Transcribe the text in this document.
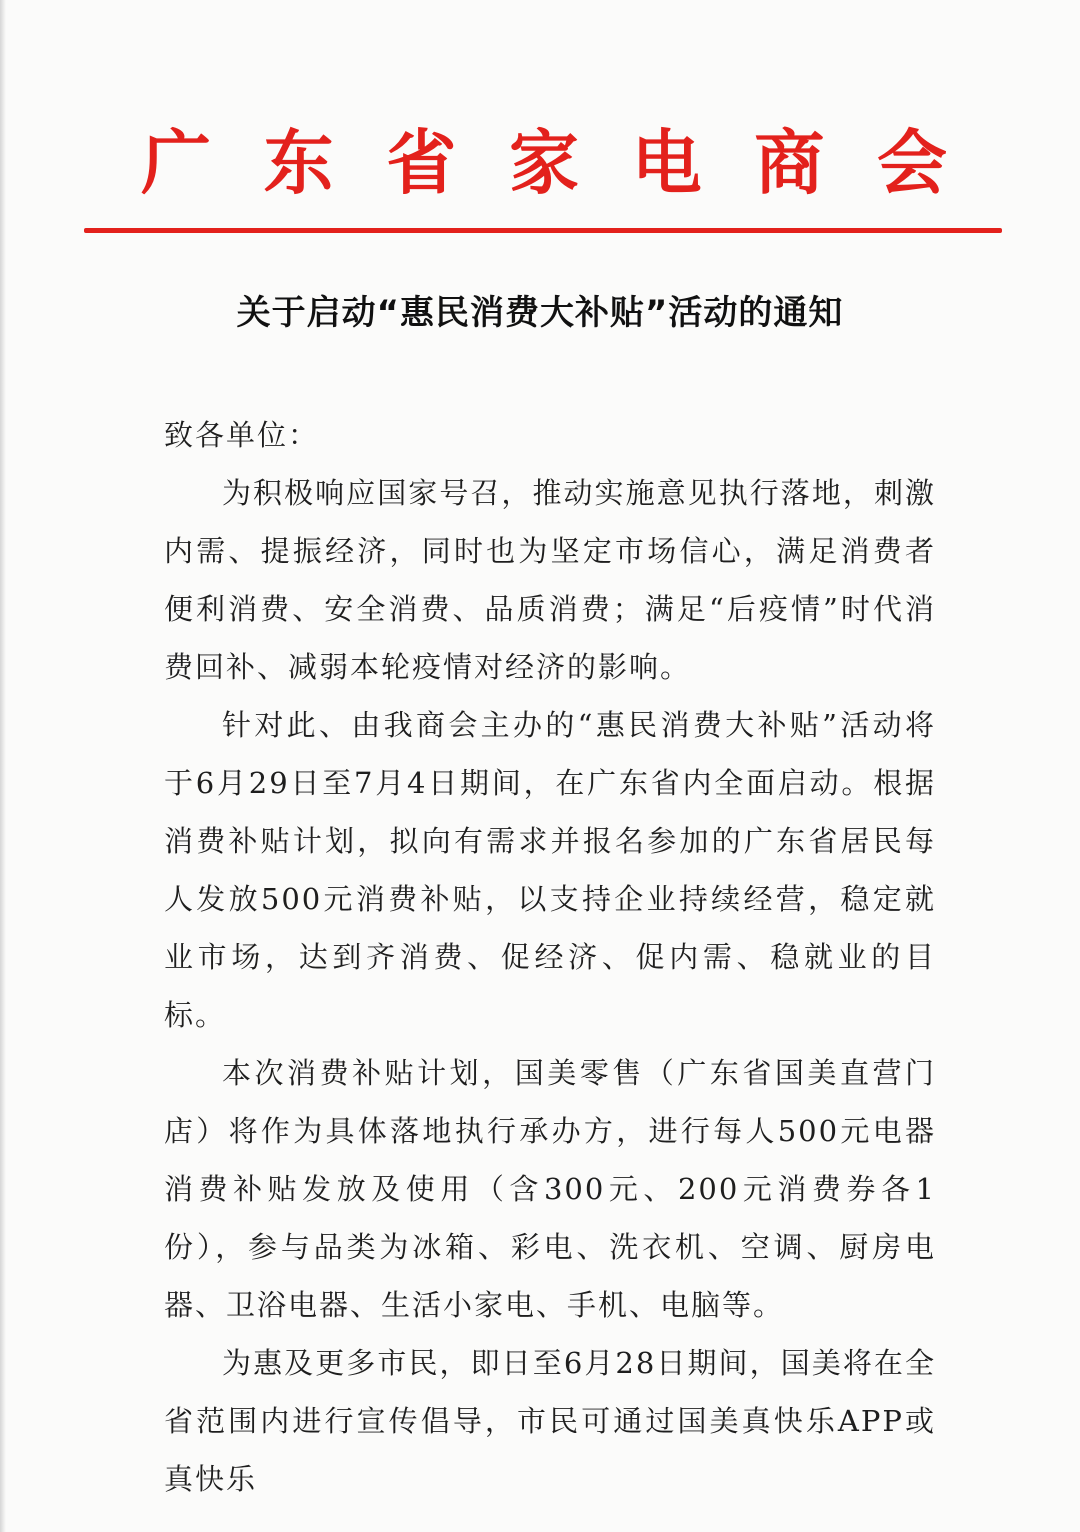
广 东 省 家 电 商 会
关于启动“惠民消费大补贴”活动的通知

致各单位：

为积极响应国家号召，推动实施意见执行落地，刺激内需、提振经济，同时也为坚定市场信心，满足消费者便利消费、安全消费、品质消费；满足“后疫情”时代消费回补、减弱本轮疫情对经济的影响。

针对此、由我商会主办的“惠民消费大补贴”活动将于6月29日至7月4日期间，在广东省内全面启动。根据消费补贴计划，拟向有需求并报名参加的广东省居民每人发放500元消费补贴，以支持企业持续经营，稳定就业市场，达到齐消费、促经济、促内需、稳就业的目标。

本次消费补贴计划，国美零售（广东省国美直营门店）将作为具体落地执行承办方，进行每人500元电器消费补贴发放及使用（含300元、200元消费券各1份），参与品类为冰箱、彩电、洗衣机、空调、厨房电器、卫浴电器、生活小家电、手机、电脑等。

为惠及更多市民，即日至6月28日期间，国美将在全省范围内进行宣传倡导，市民可通过国美真快乐APP或真快乐
